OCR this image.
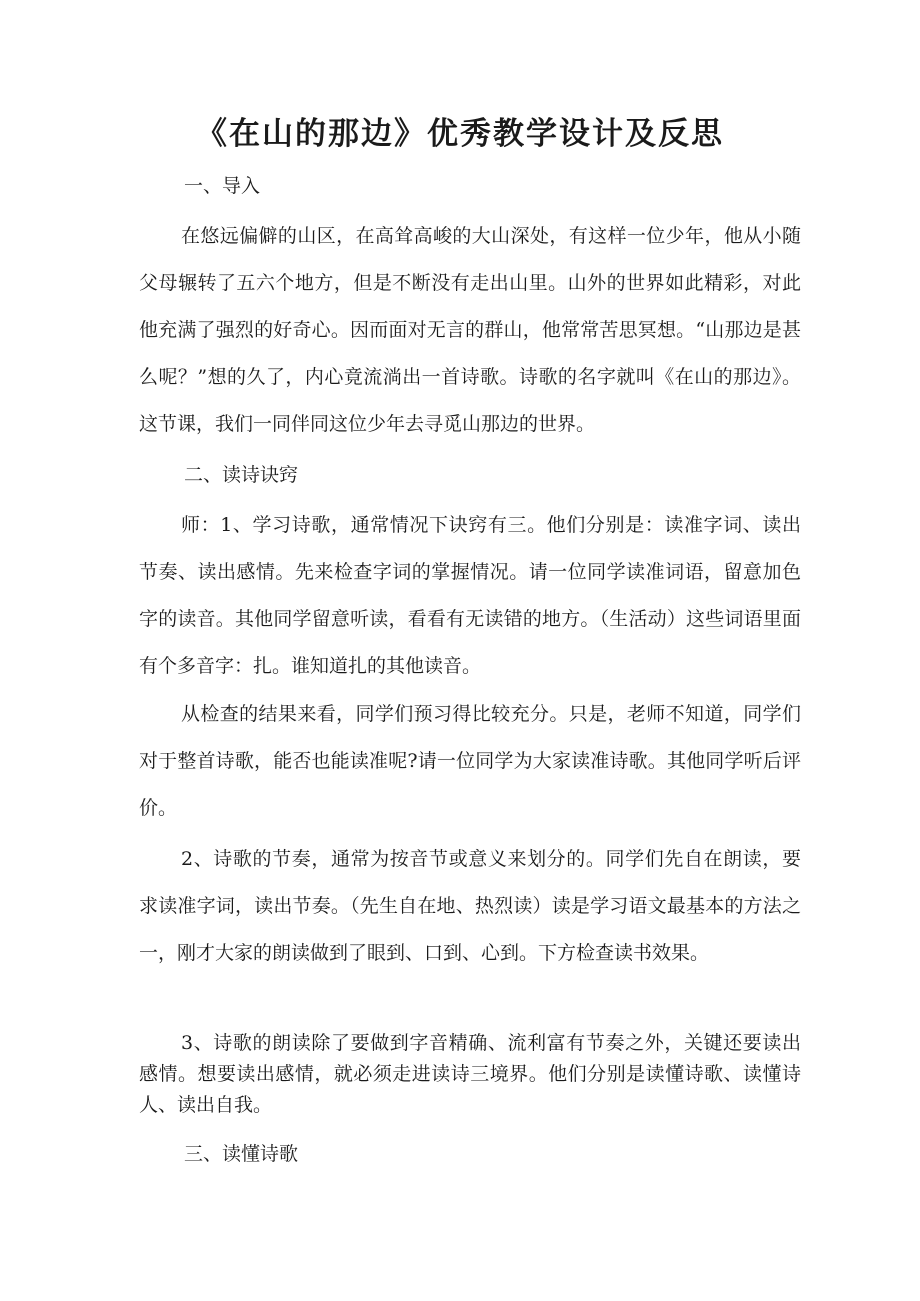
《在山的那边》优秀教学设计及反思

一、导入

在悠远偏僻的山区，在高耸高峻的大山深处，有这样一位少年，他从小随父母辗转了五六个地方，但是不断没有走出山里。山外的世界如此精彩，对此他充满了强烈的好奇心。因而面对无言的群山，他常常苦思冥想。“山那边是甚么呢？”想的久了，内心竟流淌出一首诗歌。诗歌的名字就叫《在山的那边》。这节课，我们一同伴同这位少年去寻觅山那边的世界。

二、读诗诀窍

师：1、学习诗歌，通常情况下诀窍有三。他们分别是：读准字词、读出节奏、读出感情。先来检查字词的掌握情况。请一位同学读准词语，留意加色字的读音。其他同学留意听读，看看有无读错的地方。（生活动）这些词语里面有个多音字：扎。谁知道扎的其他读音。

从检查的结果来看，同学们预习得比较充分。只是，老师不知道，同学们对于整首诗歌，能否也能读准呢?请一位同学为大家读准诗歌。其他同学听后评价。

2、诗歌的节奏，通常为按音节或意义来划分的。同学们先自在朗读，要求读准字词，读出节奏。（先生自在地、热烈读）读是学习语文最基本的方法之一，刚才大家的朗读做到了眼到、口到、心到。下方检查读书效果。

3、诗歌的朗读除了要做到字音精确、流利富有节奏之外，关键还要读出感情。想要读出感情，就必须走进读诗三境界。他们分别是读懂诗歌、读懂诗人、读出自我。

三、读懂诗歌
